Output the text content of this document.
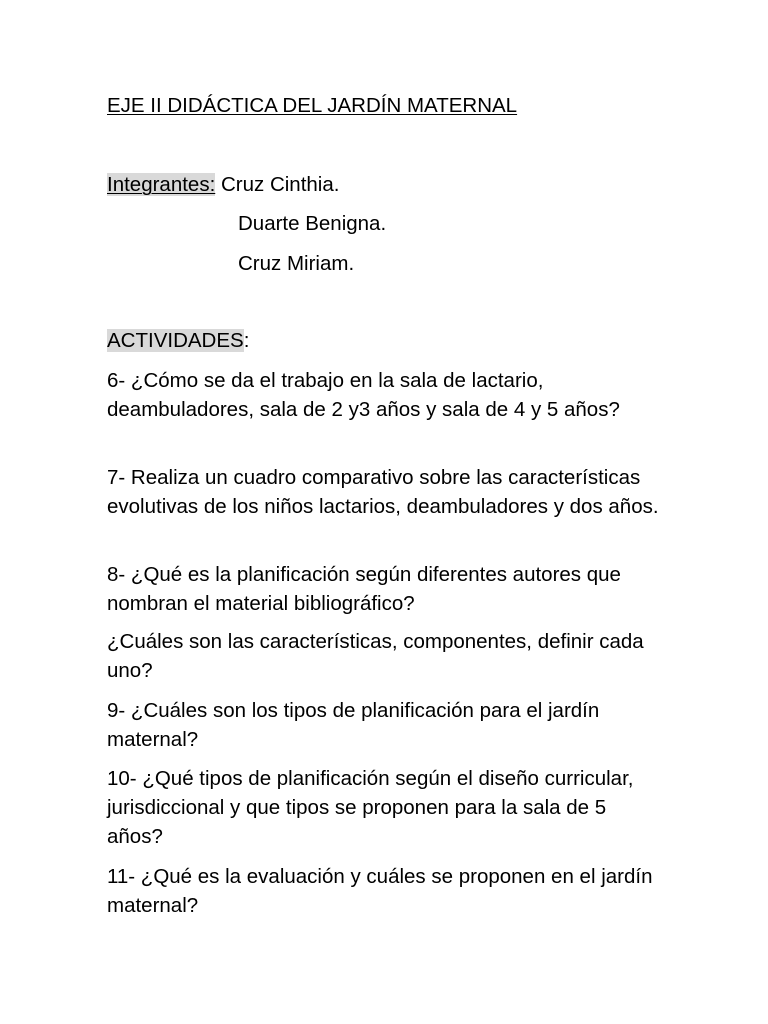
EJE II DIDÁCTICA DEL JARDÍN MATERNAL
Integrantes: Cruz Cinthia.
Duarte Benigna.
Cruz Miriam.
ACTIVIDADES:

6- ¿Cómo se da el trabajo en la sala de lactario, deambuladores, sala de 2 y3 años y sala de 4 y 5 años?

7- Realiza un cuadro comparativo sobre las características evolutivas de los niños lactarios, deambuladores y dos años.

8- ¿Qué es la planificación según diferentes autores que nombran el material bibliográfico?

¿Cuáles son las características, componentes, definir cada uno?

9- ¿Cuáles son los tipos de planificación para el jardín maternal?

10- ¿Qué tipos de planificación según el diseño curricular, jurisdiccional y que tipos se proponen para la sala de 5 años?

11- ¿Qué es la evaluación y cuáles se proponen en el jardín maternal?
